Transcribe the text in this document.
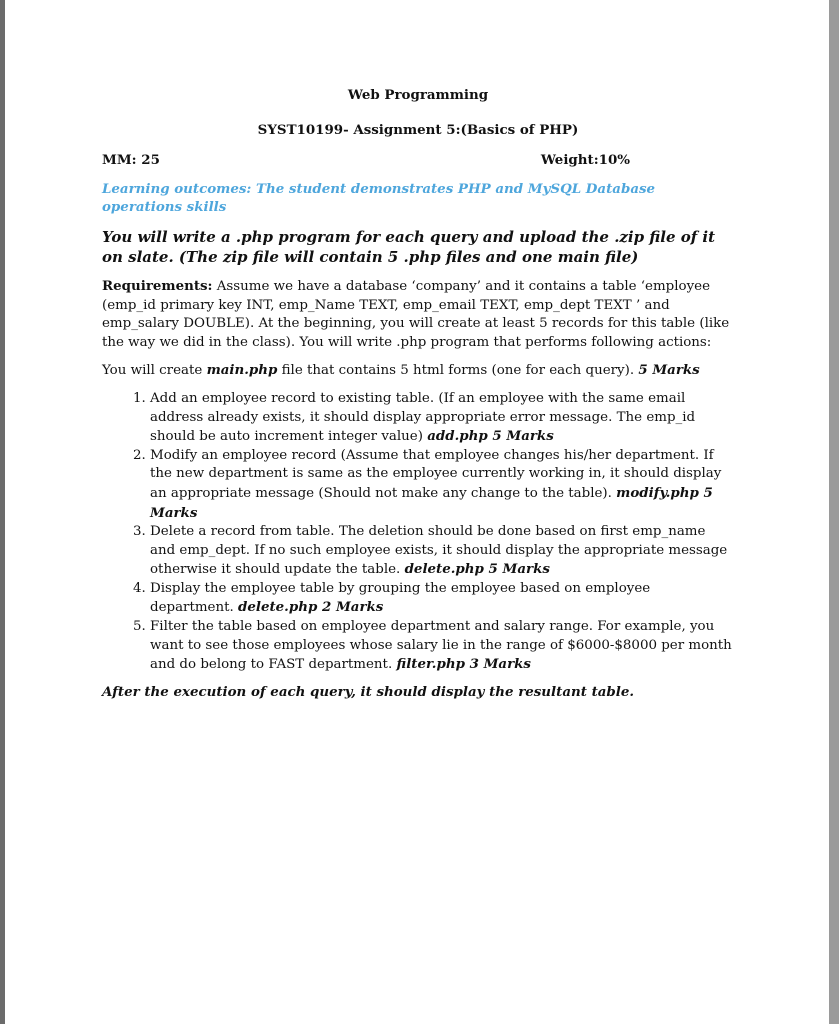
Web Programming

SYST10199- Assignment 5:(Basics of PHP)

MM: 25	Weight:10%

Learning outcomes: The student demonstrates PHP and MySQL Database operations skills

You will write a .php program for each query and upload the .zip file of it on slate. (The zip file will contain 5 .php files and one main file)

Requirements: Assume we have a database ‘company’ and it contains a table ‘employee (emp_id primary key INT, emp_Name TEXT, emp_email TEXT, emp_dept TEXT ’ and emp_salary DOUBLE). At the beginning, you will create at least 5 records for this table (like the way we did in the class). You will write .php program that performs following actions:

You will create main.php file that contains 5 html forms (one for each query). 5 Marks

1. Add an employee record to existing table. (If an employee with the same email address already exists, it should display appropriate error message. The emp_id should be auto increment integer value) add.php 5 Marks
2. Modify an employee record (Assume that employee changes his/her department. If the new department is same as the employee currently working in, it should display an appropriate message (Should not make any change to the table). modify.php 5 Marks
3. Delete a record from table. The deletion should be done based on first emp_name and emp_dept. If no such employee exists, it should display the appropriate message otherwise it should update the table. delete.php 5 Marks
4. Display the employee table by grouping the employee based on employee department. delete.php 2 Marks
5. Filter the table based on employee department and salary range. For example, you want to see those employees whose salary lie in the range of $6000-$8000 per month and do belong to FAST department. filter.php 3 Marks

After the execution of each query, it should display the resultant table.
